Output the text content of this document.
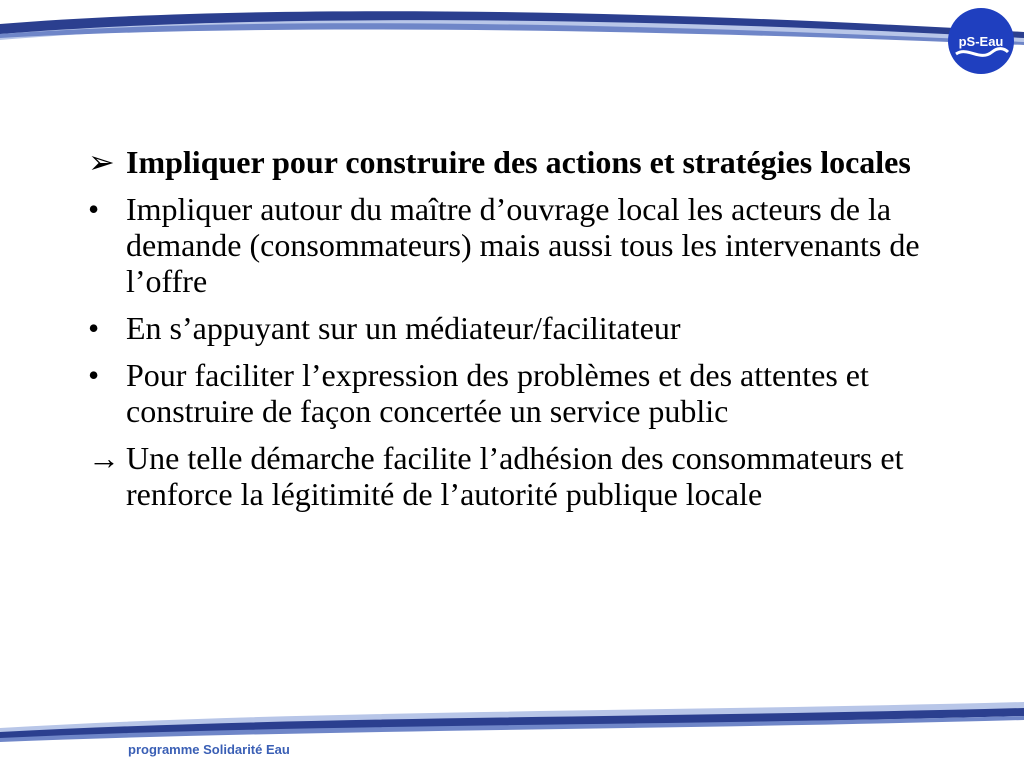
pS-Eau
➢ Impliquer pour construire des actions et stratégies locales
• Impliquer autour du maître d’ouvrage local les acteurs de la demande (consommateurs) mais aussi tous les intervenants de l’offre
• En s’appuyant sur un médiateur/facilitateur
• Pour faciliter l’expression des problèmes et des attentes et construire de façon concertée un service public
→ Une telle démarche facilite l’adhésion des consommateurs et renforce la légitimité de l’autorité publique locale
programme Solidarité Eau
